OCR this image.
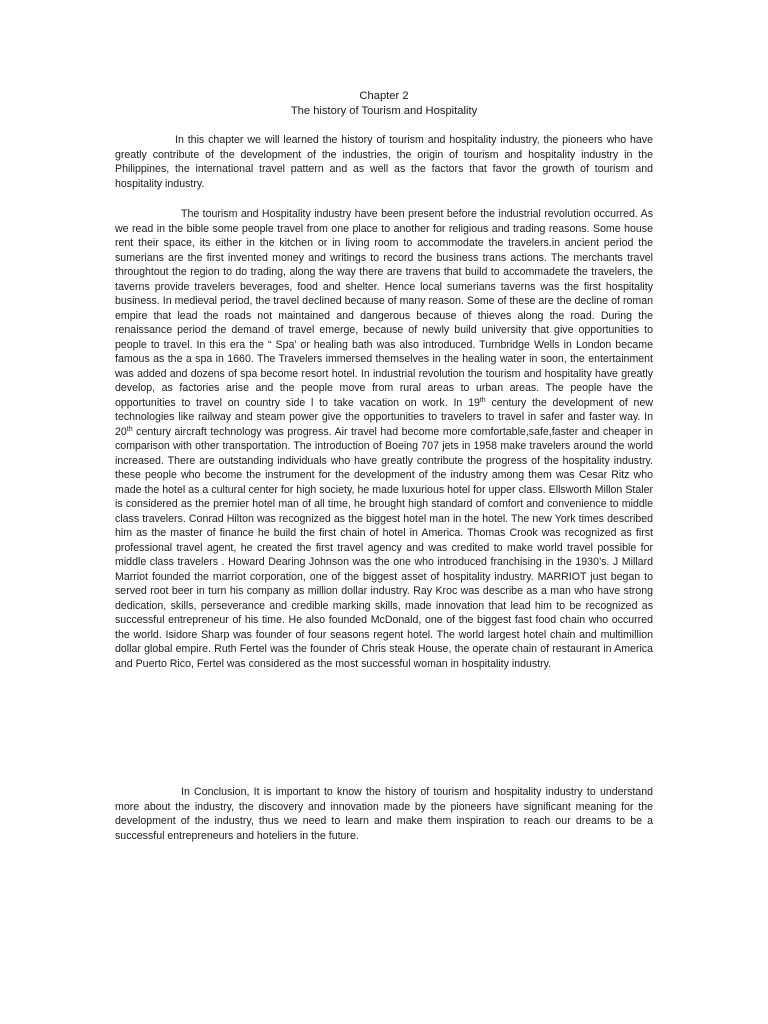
Chapter 2
The history of Tourism and Hospitality

In this chapter we will learned the history of tourism and hospitality industry, the pioneers who have greatly contribute of the development of the industries, the origin of tourism and hospitality industry in the Philippines, the international travel pattern and as well as the factors that favor the growth of tourism and hospitality industry.

The tourism and Hospitality industry have been present before the industrial revolution occurred. As we read in the bible some people travel from one place to another for religious and trading reasons. Some house rent their space, its either in the kitchen or in living room to accommodate the travelers.in ancient period the sumerians are the first invented money and writings to record the business trans actions. The merchants travel throughtout the region to do trading, along the way there are travens that build to accommadete the travelers, the taverns provide travelers beverages, food and shelter. Hence local sumerians taverns was the first hospitality business. In medieval period, the travel declined because of many reason. Some of these are the decline of roman empire that lead the roads not maintained and dangerous because of thieves along the road. During the renaissance period the demand of travel emerge, because of newly build university that give opportunities to people to travel. In this era the “ Spa’ or healing bath was also introduced. Turnbridge Wells in London became famous as the a spa in 1660. The Travelers immersed themselves in the healing water in soon, the entertainment was added and dozens of spa become resort hotel. In industrial revolution the tourism and hospitality have greatly develop, as factories arise and the people move from rural areas to urban areas. The people have the opportunities to travel on country side l to take vacation on work. In 19th century the development of new technologies like railway and steam power give the opportunities to travelers to travel in safer and faster way. In 20th century aircraft technology was progress. Air travel had become more comfortable,safe,faster and cheaper in comparison with other transportation. The introduction of Boeing 707 jets in 1958 make travelers around the world increased. There are outstanding individuals who have greatly contribute the progress of the hospitality industry. these people who become the instrument for the development of the industry among them was Cesar Ritz who made the hotel as a cultural center for high society, he made luxurious hotel for upper class. Ellsworth Millon Staler is considered as the premier hotel man of all time, he brought high standard of comfort and convenience to middle class travelers. Conrad Hilton was recognized as the biggest hotel man in the hotel. The new York times described him as the master of finance he build the first chain of hotel in America. Thomas Crook was recognized as first professional travel agent, he created the first travel agency and was credited to make world travel possible for middle class travelers . Howard Dearing Johnson was the one who introduced franchising in the 1930’s. J Millard Marriot founded the marriot corporation, one of the biggest asset of hospitality industry. MARRIOT just began to served root beer in turn his company as million dollar industry. Ray Kroc was describe as a man who have strong dedication, skills, perseverance and credible marking skills, made innovation that lead him to be recognized as successful entrepreneur of his time. He also founded McDonald, one of the biggest fast food chain who occurred the world. Isidore Sharp was founder of four seasons regent hotel. The world largest hotel chain and multimillion dollar global empire. Ruth Fertel was the founder of Chris steak House, the operate chain of restaurant in America and Puerto Rico, Fertel was considered as the most successful woman in hospitality industry.

In Conclusion, It is important to know the history of tourism and hospitality industry to understand more about the industry, the discovery and innovation made by the pioneers have significant meaning for the development of the industry, thus we need to learn and make them inspiration to reach our dreams to be a successful entrepreneurs and hoteliers in the future.
